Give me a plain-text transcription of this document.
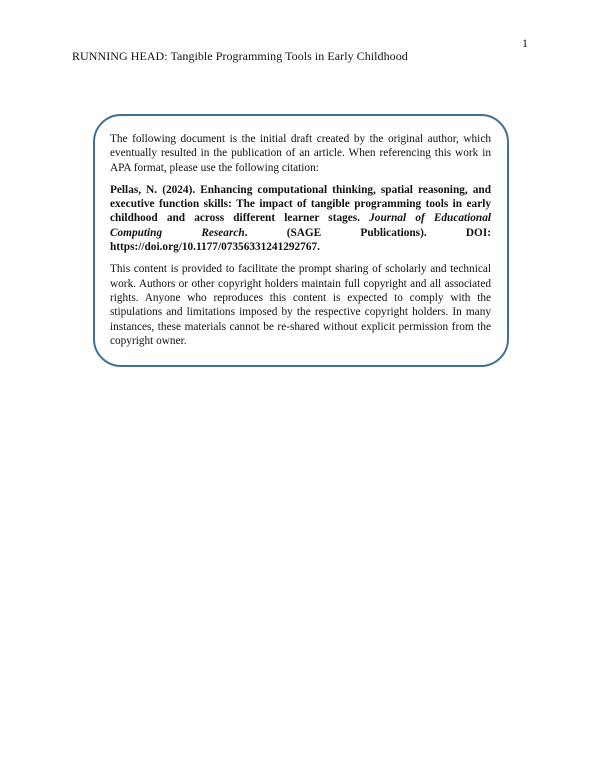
1
RUNNING HEAD: Tangible Programming Tools in Early Childhood

The following document is the initial draft created by the original author, which eventually resulted in the publication of an article. When referencing this work in APA format, please use the following citation:

Pellas, N. (2024). Enhancing computational thinking, spatial reasoning, and executive function skills: The impact of tangible programming tools in early childhood and across different learner stages. Journal of Educational Computing Research. (SAGE Publications). DOI: https://doi.org/10.1177/07356331241292767.

This content is provided to facilitate the prompt sharing of scholarly and technical work. Authors or other copyright holders maintain full copyright and all associated rights. Anyone who reproduces this content is expected to comply with the stipulations and limitations imposed by the respective copyright holders. In many instances, these materials cannot be re-shared without explicit permission from the copyright owner.
